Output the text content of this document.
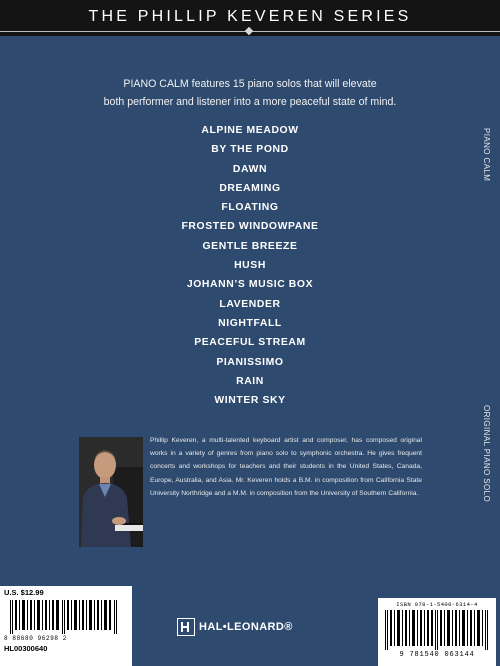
THE PHILLIP KEVEREN SERIES
PIANO CALM features 15 piano solos that will elevate
both performer and listener into a more peaceful state of mind.
ALPINE MEADOW
BY THE POND
DAWN
DREAMING
FLOATING
FROSTED WINDOWPANE
GENTLE BREEZE
HUSH
JOHANN’S MUSIC BOX
LAVENDER
NIGHTFALL
PEACEFUL STREAM
PIANISSIMO
RAIN
WINTER SKY
PIANO CALM
ORIGINAL PIANO SOLO
Phillip Keveren, a multi-talented keyboard artist and composer, has composed original works in a variety of genres from piano solo to symphonic orchestra. He gives frequent concerts and workshops for teachers and their students in the United States, Canada, Europe, Australia, and Asia. Mr. Keveren holds a B.M. in composition from California State University Northridge and a M.M. in composition from the University of Southern California.
U.S. $12.99
8 88680 96298 2
HL00300640
HAL•LEONARD®
ISBN 978-1-5400-6314-4
9 781540 063144
